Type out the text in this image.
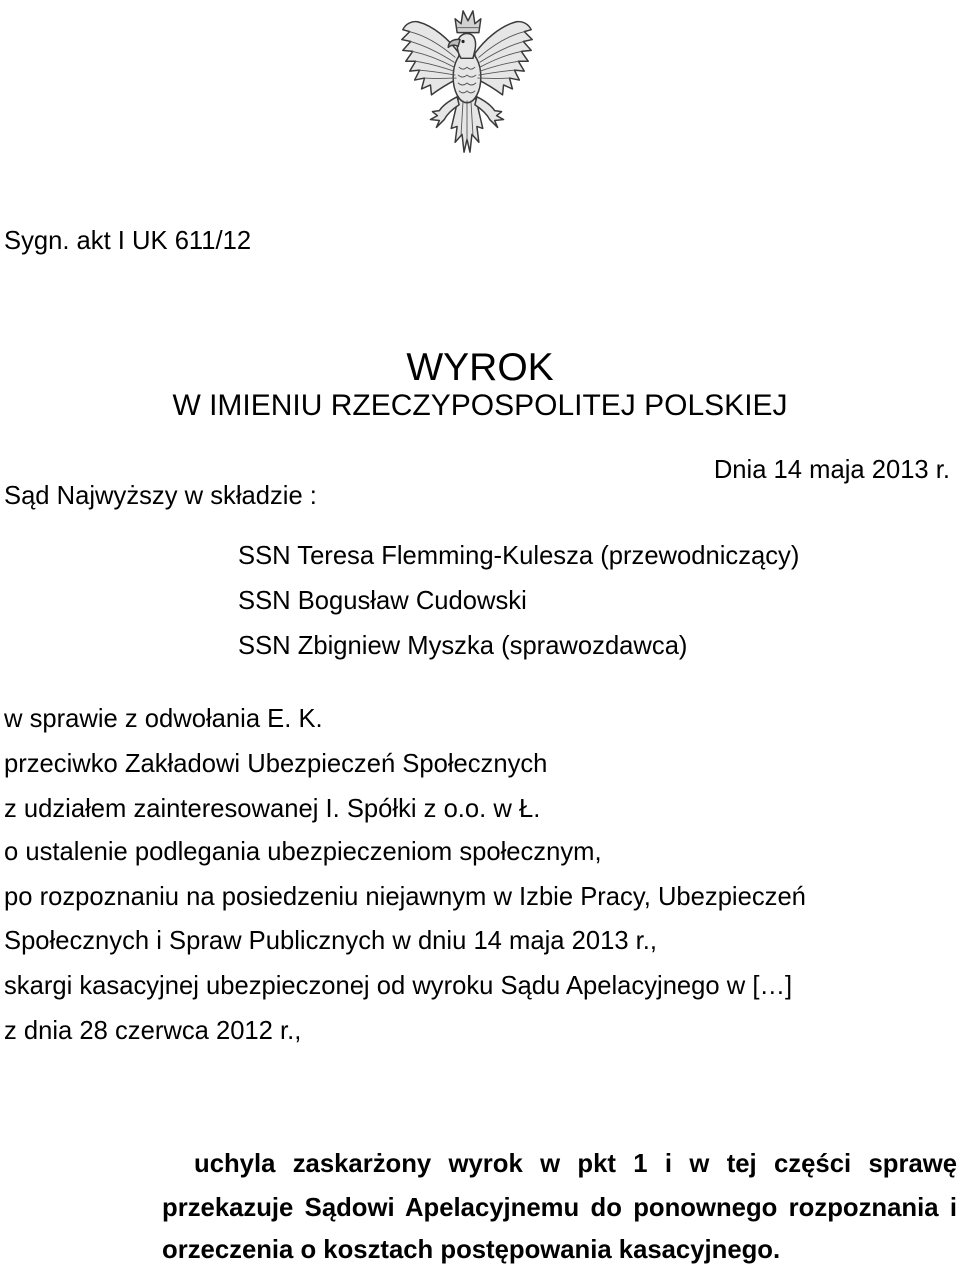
Sygn. akt I UK 611/12

WYROK

W IMIENIU RZECZYPOSPOLITEJ POLSKIEJ

Dnia 14 maja 2013 r.

Sąd Najwyższy w składzie :

SSN Teresa Flemming-Kulesza (przewodniczący)

SSN Bogusław Cudowski

SSN Zbigniew Myszka (sprawozdawca)

w sprawie z odwołania E. K.

przeciwko Zakładowi Ubezpieczeń Społecznych

z udziałem zainteresowanej I. Spółki z o.o. w Ł.

o ustalenie podlegania ubezpieczeniom społecznym,

po rozpoznaniu na posiedzeniu niejawnym w Izbie Pracy, Ubezpieczeń

Społecznych i Spraw Publicznych w dniu 14 maja 2013 r.,

skargi kasacyjnej ubezpieczonej od wyroku Sądu Apelacyjnego w […]

z dnia 28 czerwca 2012 r.,

uchyla zaskarżony wyrok w pkt 1 i w tej części sprawę

przekazuje Sądowi Apelacyjnemu do ponownego rozpoznania i

orzeczenia o kosztach postępowania kasacyjnego.
